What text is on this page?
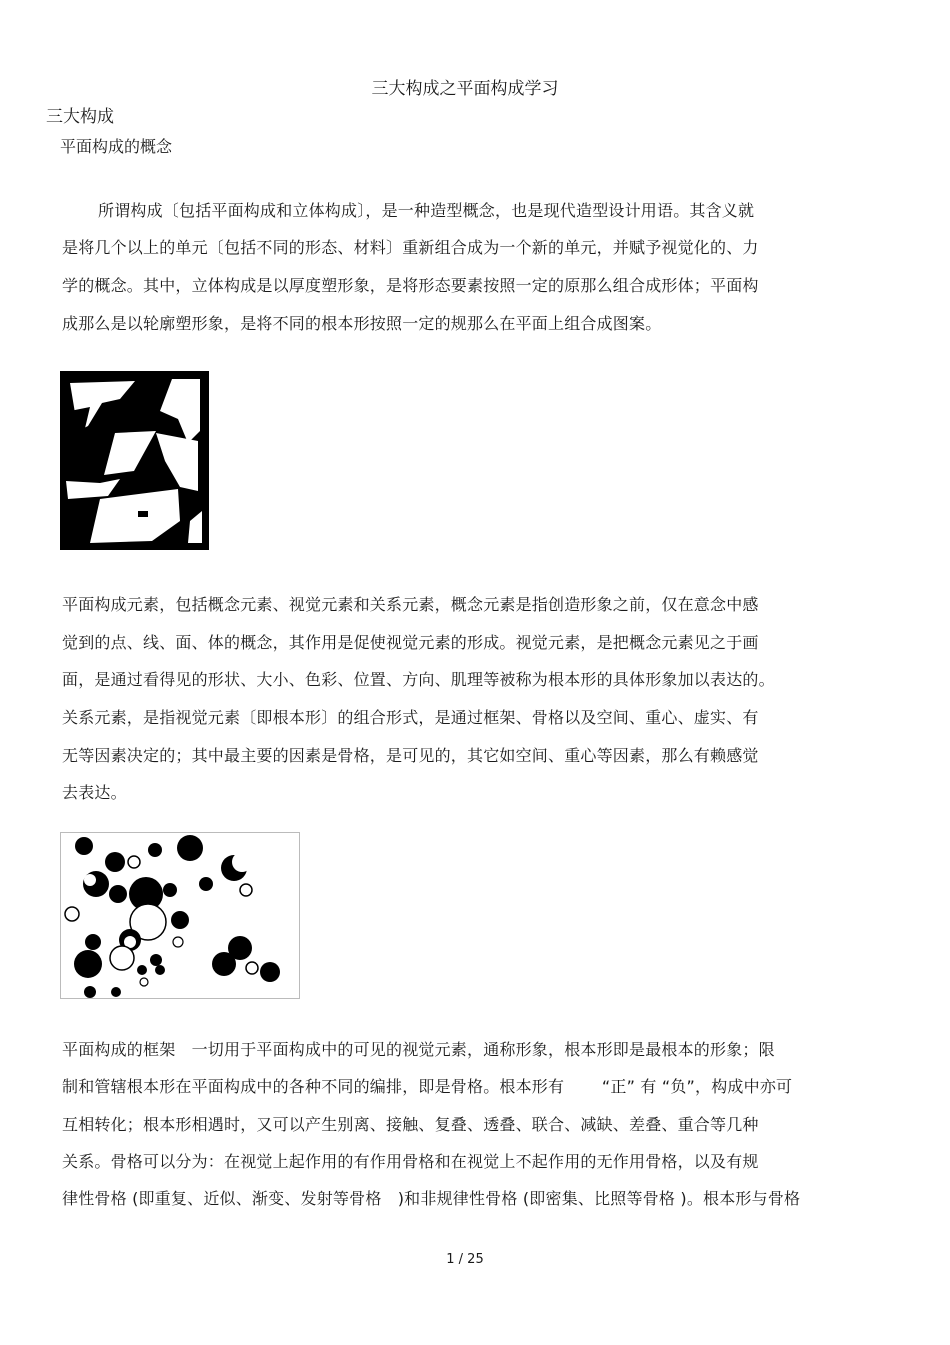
三大构成之平面构成学习
三大构成
平面构成的概念
所谓构成〔包括平面构成和立体构成〕，是一种造型概念，也是现代造型设计用语。其含义就
是将几个以上的单元〔包括不同的形态、材料〕重新组合成为一个新的单元，并赋予视觉化的、力
学的概念。其中，立体构成是以厚度塑形象，是将形态要素按照一定的原那么组合成形体；平面构
成那么是以轮廓塑形象，是将不同的根本形按照一定的规那么在平面上组合成图案。
平面构成元素，包括概念元素、视觉元素和关系元素，概念元素是指创造形象之前，仅在意念中感
觉到的点、线、面、体的概念，其作用是促使视觉元素的形成。视觉元素，是把概念元素见之于画
面，是通过看得见的形状、大小、色彩、位置、方向、肌理等被称为根本形的具体形象加以表达的。
关系元素，是指视觉元素〔即根本形〕的组合形式，是通过框架、骨格以及空间、重心、虚实、有
无等因素决定的；其中最主要的因素是骨格，是可见的，其它如空间、重心等因素，那么有赖感觉
去表达。
平面构成的框架　一切用于平面构成中的可见的视觉元素，通称形象，根本形即是最根本的形象；限
制和管辖根本形在平面构成中的各种不同的编排，即是骨格。根本形有　　 “正” 有 “负”，构成中亦可
互相转化；根本形相遇时，又可以产生别离、接触、复叠、透叠、联合、减缺、差叠、重合等几种
关系。骨格可以分为：在视觉上起作用的有作用骨格和在视觉上不起作用的无作用骨格，以及有规
律性骨格 (即重复、近似、渐变、发射等骨格　)和非规律性骨格 (即密集、比照等骨格 )。根本形与骨格
1 / 25
